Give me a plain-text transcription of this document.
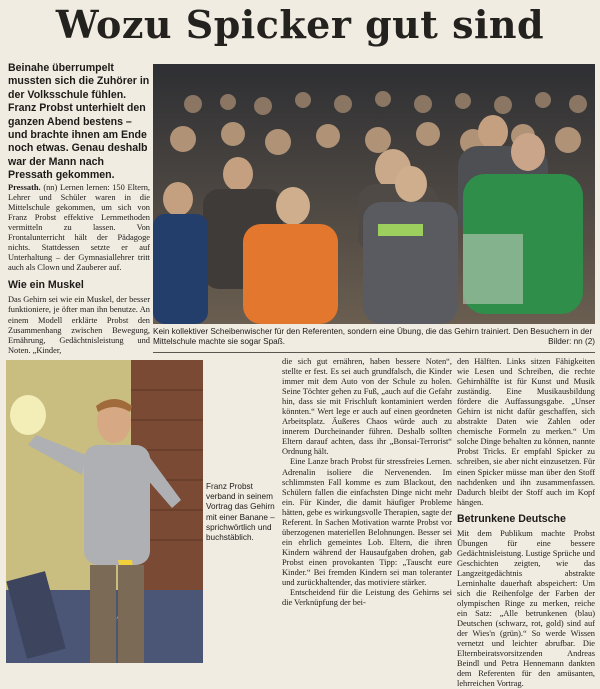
Wozu Spicker gut sind
Beinahe überrumpelt mussten sich die Zuhörer in der Volksschule fühlen. Franz Probst unterhielt den ganzen Abend bestens – und brachte ihnen am Ende noch etwas. Genau deshalb war der Mann nach Pressath gekommen.

Pressath. (nn) Lernen lernen: 150 Eltern, Lehrer und Schüler waren in die Mittelschule gekommen, um sich von Franz Probst effektive Lernmethoden vermitteln zu lassen. Von Frontalunterricht hält der Pädagoge nichts. Stattdessen setzte er auf Unterhaltung – der Gymnasiallehrer tritt auch als Clown und Zauberer auf.

Wie ein Muskel

Das Gehirn sei wie ein Muskel, der besser funktioniere, je öfter man ihn benutze. An einem Modell erklärte Probst den Zusammenhang zwischen Bewegung, Ernährung, Gedächtnisleistung und Noten. „Kinder,

Kein kollektiver Scheibenwischer für den Referenten, sondern eine Übung, die das Gehirn trainiert. Den Besuchern in der Mittelschule machte sie sogar Spaß.	Bilder: nn (2)
Franz Probst verband in seinem Vortrag das Gehirn mit einer Banane – sprichwörtlich und buchstäblich.

die sich gut ernähren, haben bessere Noten“, stellte er fest. Es sei auch grundfalsch, die Kinder immer mit dem Auto von der Schule zu holen. Seine Töchter gehen zu Fuß, „auch auf die Gefahr hin, dass sie mit Frischluft kontaminiert werden könnten.“ Wert lege er auch auf einen geordneten Arbeitsplatz. Äußeres Chaos würde auch zu innerem Durcheinander führen. Deshalb sollten Eltern darauf achten, dass ihr „Bonsai-Terrorist“ Ordnung hält.

Eine Lanze brach Probst für stressfreies Lernen. Adrenalin isoliere die Nervenenden. Im schlimmsten Fall komme es zum Blackout, den Schülern fallen die einfachsten Dinge nicht mehr ein. Für Kinder, die damit häufiger Probleme hätten, gebe es wirkungsvolle Therapien, sagte der Referent. In Sachen Motivation warnte Probst vor überzogenen materiellen Belohnungen. Besser sei ein ehrlich gemeintes Lob. Eltern, die ihren Kindern während der Hausaufgaben drohen, gab Probst einen provokanten Tipp: „Tauscht eure Kinder.“ Bei fremden Kindern sei man toleranter und zurückhaltender, das motiviere stärker.

Entscheidend für die Leistung des Gehirns sei die Verknüpfung der bei-

den Hälften. Links sitzen Fähigkeiten wie Lesen und Schreiben, die rechte Gehirnhälfte ist für Kunst und Musik zuständig. Eine Musikausbildung fördere die Auffassungsgabe. „Unser Gehirn ist nicht dafür geschaffen, sich abstrakte Daten wie Zahlen oder chemische Formeln zu merken.“ Um solche Dinge behalten zu können, nannte Probst Tricks. Er empfahl Spicker zu schreiben, sie aber nicht einzusetzen. Für einen Spicker müsse man über den Stoff nachdenken und ihn zusammenfassen. Dadurch bleibt der Stoff auch im Kopf hängen.

Betrunkene Deutsche

Mit dem Publikum machte Probst Übungen für eine bessere Gedächtnisleistung. Lustige Sprüche und Geschichten zeigten, wie das Langzeitgedächtnis abstrakte Lerninhalte dauerhaft abspeichert: Um sich die Reihenfolge der Farben der olympischen Ringe zu merken, reiche ein Satz: „Alle betrunkenen (blau) Deutschen (schwarz, rot, gold) sind auf der Wies'n (grün).“ So werde Wissen vernetzt und leichter abrufbar. Die Elternbeiratsvorsitzenden Andreas Beindl und Petra Hennemann dankten dem Referenten für den amüsanten, lehrreichen Vortrag.
